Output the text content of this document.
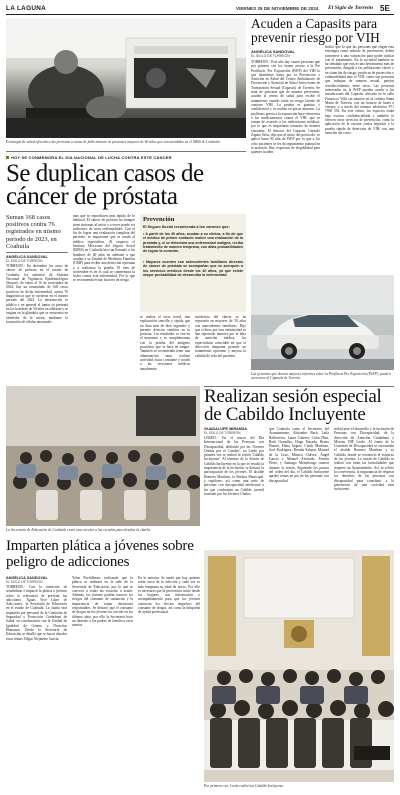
LA LAGUNA	VIERNES 29 DE NOVIEMBRE DE 2024 El Siglo de Torreón 5E
Estrategia de salud ofrecida a las personas a causa de fallecimiento en pacientes mayores de 60 años que son atendidos en el IMSS de Coahuila.
Acuden a Capasits para prevenir riesgo por VIH
ANGÉLICA SANDOVAL
EL SIGLO DE TORREÓN
TORREÓN.- Este año hay cuatro personas que por primera vez los tienen acceso a la Pre Profilaxis. Por Exposición (PrEP) del VIH lo que disminuye hasta por la Prevención y Atención en Salud del Centro Ambulatorio de Prevención y Atención en Sida e Infecciones de Transmisión Sexual (Capasits) de Torreón. Se trata de personas que de manera preventiva, acuden al centro de salud para recibir el tratamiento cuando están en riesgo latente de contraer VIH. La prueba es gratuita y confidencial y se realiza en pocos minutos. La profilaxis previa a la exposición hace referencia a los medicamentos contra el VIH, que se toman de acuerdo a las indicaciones médicas, por lo que es importante tomarlos de manera constante. El director del Capasits, Gerardo Zapata Ortiz, dijo que al inicio del protocolo, se aplicó hasta 90 días de PrEP por lo que a los ocho pacientes se les da seguimiento puntual en la atención. Hay requisitos de elegibilidad para quienes acuden.
Indicó que lo que las personas que eligen esta estrategia como método de prevención, deben someterse a una valoración para poder indicar con el tratamiento. En la sociedad también se ha señalado que esta es una herramienta más de prevención, dirigida a las poblaciones claves y en situación de riesgo, prácticas de protección y vulnerabilidad ante el VIH, como son personas que trabajan de manera sexual, parejas serodiscordantes, entre otros. Las personas interesadas en la PrEP pueden acudir a las instalaciones del Capasits, ubicado en la calle Francisco Villa sin número en la colonia Santa María de Torreón, con un horario de lunes a viernes, o a través del número telefónico 871 7930 553. En este centro, los espacios están bajo estricta confidencialidad y también se ofrecen otros servicios de prevención, como la aplicación de la vacuna contra hepatitis y la prueba rápida de detección de VIH, con una atención sin costo.
Las personas que desean mayores informes sobre la Profilaxis Pre Exposición (PrEP), pueden acercarse al Capasits de Torreón.
HOY SE CONMEMORA EL DÍA NACIONAL DE LUCHA CONTRA ESTE CÁNCER
Se duplican casos de cáncer de próstata
Suman 168 casos positivos contra 76 registrados en mismo periodo de 2023, en Coahuila
ANGÉLICA SANDOVAL
EL SIGLO DE TORREÓN
TORREÓN.- En diciembre los casos de cáncer de próstata en el estado de Coahuila, los números de Sistema Nacional de Vigilancia Epidemiológica (Sinave), de enero al 16 de noviembre de 2024, hay un acumulado de 168 casos positivos de dicha enfermedad, contra 76 diagnósticos que se tuvieron en el mismo periodo del 2023. La información es pública y en general el tumor se presenta en los hombres de 50 años en adelante y se origina en la glándula que se encuentra en alrededor de la uretra, mediante la formación de células anormales.
mas que se reproducen más rápido de lo habitual. El cáncer de próstata no siempre tiene síntomas al inicio y a veces puede ser indicativo de otras enfermedades. Con el fin de lograr una evaluación completa del paciente, es importante que se acuda al médico especialista. Al respecto el Instituto Mexicano del Seguro Social (IMSS) en Coahuila hizo un llamado a los hombres de 40 años en adelante a que acudan a su Unidad de Medicina Familiar (UMF) para recibir una detección oportuna y a realizarse la prueba. El mes de noviembre es en el cual se conmemora la lucha contra esta enfermedad. Por lo que se recomienda evitar factores de riesgo.
Prevención
El Seguro Social recomienda a los varones que:
• A partir de los 40 años, acudan a su clínica, a fin de que el médico de primer contacto realice una evaluación de la próstata y, si se detectara una enfermedad maligna, reciba tratamiento de manera temprana, con altas probabilidades de lograr la curación.
• Mayores cuenten con antecedentes familiares directos de cáncer de próstata se acompañan que se acerquen a los servicios médicos desde los 40 años, ya que existe mayor probabilidad de desarrollar la enfermedad.
se realiza el tacto rectal, una exploración sencilla y rápida que no dura más de diez segundos y permite detectar cambios en la próstata. Los resultados se ven en el momento y se complementan con la prueba del antígeno prostático que se hace en sangre. También se recomienda tener una alimentación sana, realizar actividad física constante y acudir a las revisiones médicas anualmente.
incidencia del cáncer se ha reportado en mayores de 50 años con antecedentes familiares. Dijo que si bien, por esta enfermedad se han reportado muertes por la falta de atención médica, los especialistas coinciden en que la detección temprana permite un tratamiento oportuno y mejora la calidad de vida del paciente.
La Secretaría de Educación de Coahuila envió una circular a las escuelas para desalar la charla.
Imparten plática a jóvenes sobre peligro de adicciones
ANGÉLICA SANDOVAL
EL SIGLO DE TORREÓN
TORREÓN.- Con la intención de sensibilizar e impartir la plática a jóvenes sobre la relevancia de prevenir las adicciones 'Aguas Vive Libre de Adicciones', la Secretaría de Educación en el estado de Coahuila. La charla será impartida por personal de la Comisión de Seguridad y Protección Ciudadana de Salud, en coordinación con la Unidad de Igualdad de Género y Derechos Humanos. Desde la Secretaría de Educación se detalló que se busca abordar estos temas. Edgar Alejandro García.
Yelus Pavlidlenas, indicando que la plática se realizará en la sede de la Secretaría de Educación, por lo que se convocó a todas las escuelas a asistir. Además, los jóvenes podrán conocer los riesgos del consumo de sustancias y la importancia de tomar decisiones responsables. Se destacó que el consumo de drogas en los jóvenes ha crecido en los últimos años, por ello la Secretaría hace un llamado a los padres de familia a estar atentos.
En lo anterior, Se anotó que hay quienes están cerca de la adicción y cada vez es más temprana su edad de inicio. Por ello es necesario que la prevención inicie desde los hogares, con información y acompañamiento para que los jóvenes conozcan los efectos negativos del consumo de drogas, así como la búsqueda de ayuda profesional.
Realizan sesión especial de Cabildo Incluyente
GUADALUPE MIRANDA
EL SIGLO DE TORREÓN
LERDO.- En el marco del Día Internacional de las Personas con Discapacidad, dedicado por las 'Jóvenes Unidas por el Cambio', en Lerdo por primera vez se realizó la sesión 'Cabildo Incluyente'. Al término de la Sesión de Cabildo Incluyente en la que se resaltó la importancia de la inclusión, se destacó la participación de los jóvenes. El alcalde Homero Martínez, la Síndica Municipal, y regidores, así como una serie de personas con discapacidad intelectual o las que conforman un Cabildo juvenil formado por los Jóvenes Unidos.
que Coahuila como el Secretario del Ayuntamiento, Alejandro Bach, Laila Ballesteros, Laura Cabrera, Celsa Díaz, Ruth Gonzáles, Hugo Estrada, Bruno Huerta, Elena Jáquez, Cindy Martínez, José Rodríguez, Brenda Salazar, Manuel de la Cruz, Mónica Chávez, Ángel García y Manuel Alvarado. Fermín Pérez, y Santiago Montelongo rotaron durante la sesión. Siguiendo los puntos del orden del día, el Cabildo Incluyente aprobó temas en pro de las personas con discapacidad.
siidad pero el desarrollo y la inclusión de Personas con Discapacidad, de la dirección de Atención Ciudadana y Moreno DIF Lerdo. Al frente de la Comisión de Discapacidad se encontraba el alcalde Homero Martínez y su Cabildo, donde se reconoció el esfuerzo de los jóvenes. La sesión de Cabildo se realizó con todas las formalidades que requiere un Ayuntamiento. Así, se refirió la convivencia, la importancia de respetar los derechos de las personas con discapacidad para contribuir a la generación de una sociedad más incluyente.
Por primera vez, Lerdo realizó un Cabildo Incluyente.
